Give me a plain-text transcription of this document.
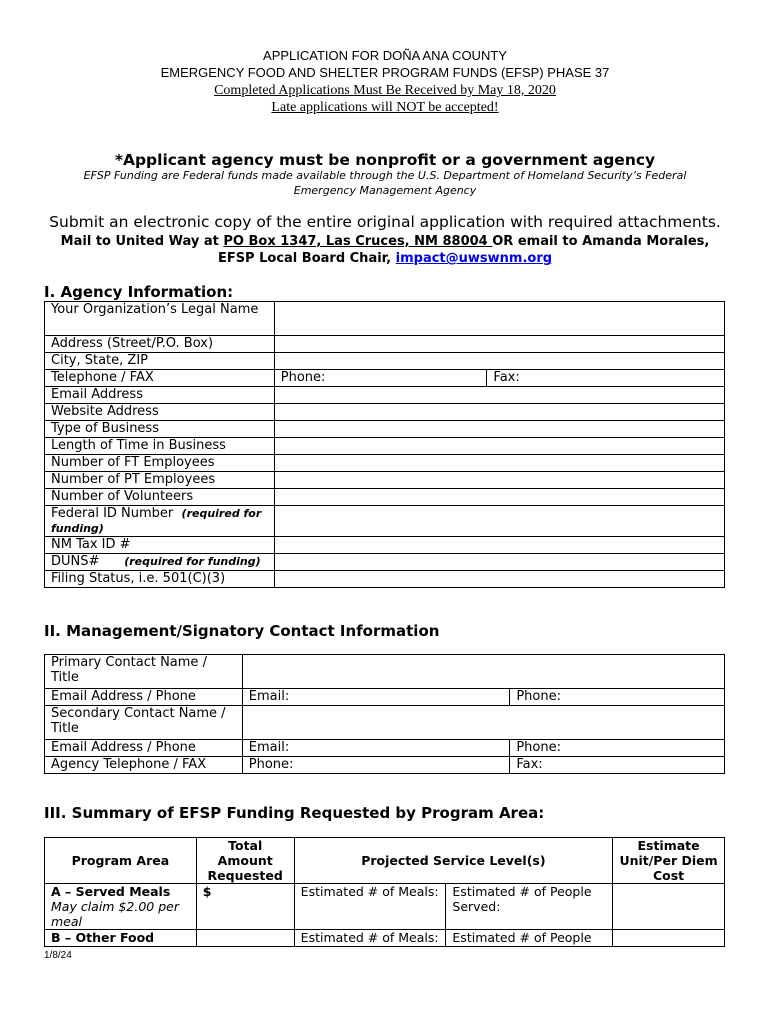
APPLICATION FOR DOÑA ANA COUNTY
EMERGENCY FOOD AND SHELTER PROGRAM FUNDS (EFSP) PHASE 37
Completed Applications Must Be Received by May 18, 2020
Late applications will NOT be accepted!
*Applicant agency must be nonprofit or a government agency
EFSP Funding are Federal funds made available through the U.S. Department of Homeland Security’s Federal Emergency Management Agency
Submit an electronic copy of the entire original application with required attachments.
Mail to United Way at PO Box 1347, Las Cruces, NM 88004 OR email to Amanda Morales, EFSP Local Board Chair, impact@uwswnm.org
I. Agency Information:
Your Organization’s Legal Name		
Address (Street/P.O. Box)		
City, State, ZIP		
Telephone / FAX	Phone:	Fax:
Email Address		
Website Address		
Type of Business		
Length of Time in Business		
Number of FT Employees		
Number of PT Employees		
Number of Volunteers		
Federal ID Number (required for funding)		
NM Tax ID #		
DUNS# (required for funding)		
Filing Status, i.e. 501(C)(3)		
II. Management/Signatory Contact Information
Primary Contact Name / Title		
Email Address / Phone	Email:	Phone:
Secondary Contact Name / Title		
Email Address / Phone	Email:	Phone:
Agency Telephone / FAX	Phone:	Fax:
III. Summary of EFSP Funding Requested by Program Area:
Program Area	Total Amount Requested	Projected Service Level(s)		Estimate Unit/Per Diem Cost

A – Served Meals
May claim $2.00 per meal	$	Estimated # of Meals:	Estimated # of People Served:	

B – Other Food		Estimated # of Meals:	Estimated # of People	
1/8/24
